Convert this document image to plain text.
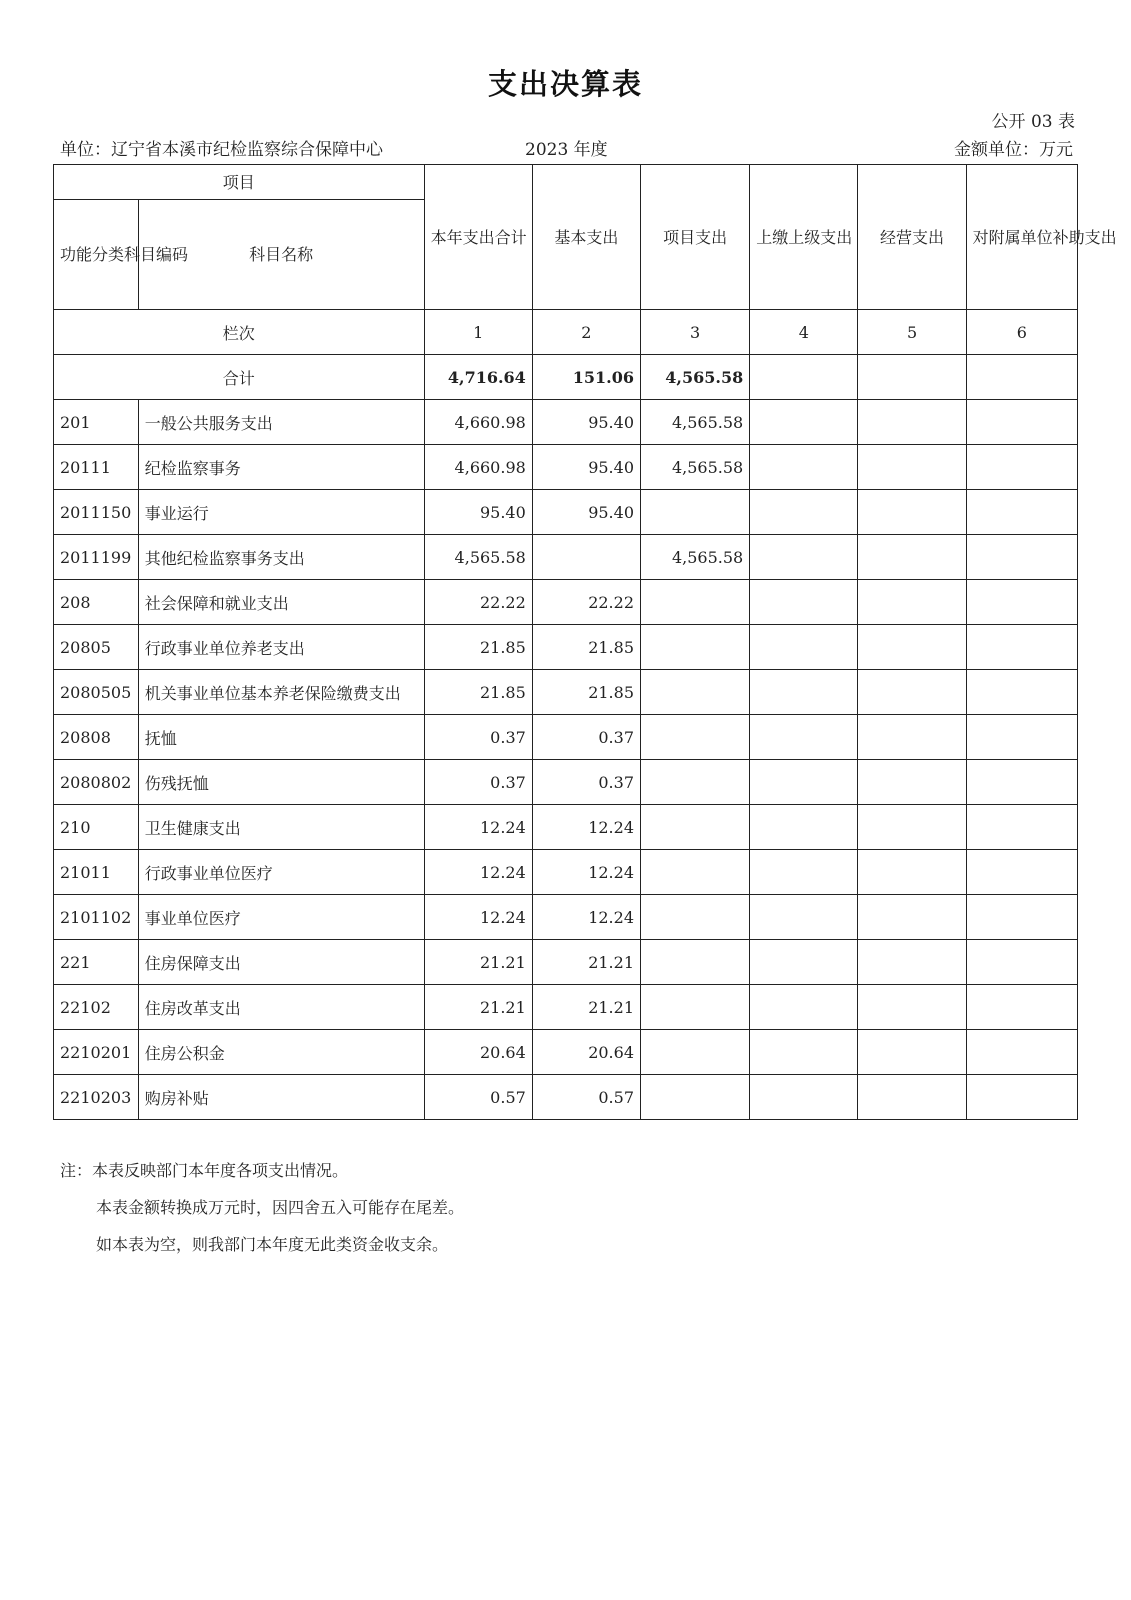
支出决算表
公开 03 表
单位：辽宁省本溪市纪检监察综合保障中心	2023 年度	金额单位：万元
项目		本年支出合计	基本支出	项目支出	上缴上级支出	经营支出	对附属单位补助支出
功能分类科目编码	科目名称						
栏次		1	2	3	4	5	6
合计		4,716.64	151.06	4,565.58			
201	一般公共服务支出	4,660.98	95.40	4,565.58			
20111	纪检监察事务	4,660.98	95.40	4,565.58			
2011150	事业运行	95.40	95.40				
2011199	其他纪检监察事务支出	4,565.58		4,565.58			
208	社会保障和就业支出	22.22	22.22				
20805	行政事业单位养老支出	21.85	21.85				
2080505	机关事业单位基本养老保险缴费支出	21.85	21.85				
20808	抚恤	0.37	0.37				
2080802	伤残抚恤	0.37	0.37				
210	卫生健康支出	12.24	12.24				
21011	行政事业单位医疗	12.24	12.24				
2101102	事业单位医疗	12.24	12.24				
221	住房保障支出	21.21	21.21				
22102	住房改革支出	21.21	21.21				
2210201	住房公积金	20.64	20.64				
2210203	购房补贴	0.57	0.57				
注：本表反映部门本年度各项支出情况。
本表金额转换成万元时，因四舍五入可能存在尾差。
如本表为空，则我部门本年度无此类资金收支余。
